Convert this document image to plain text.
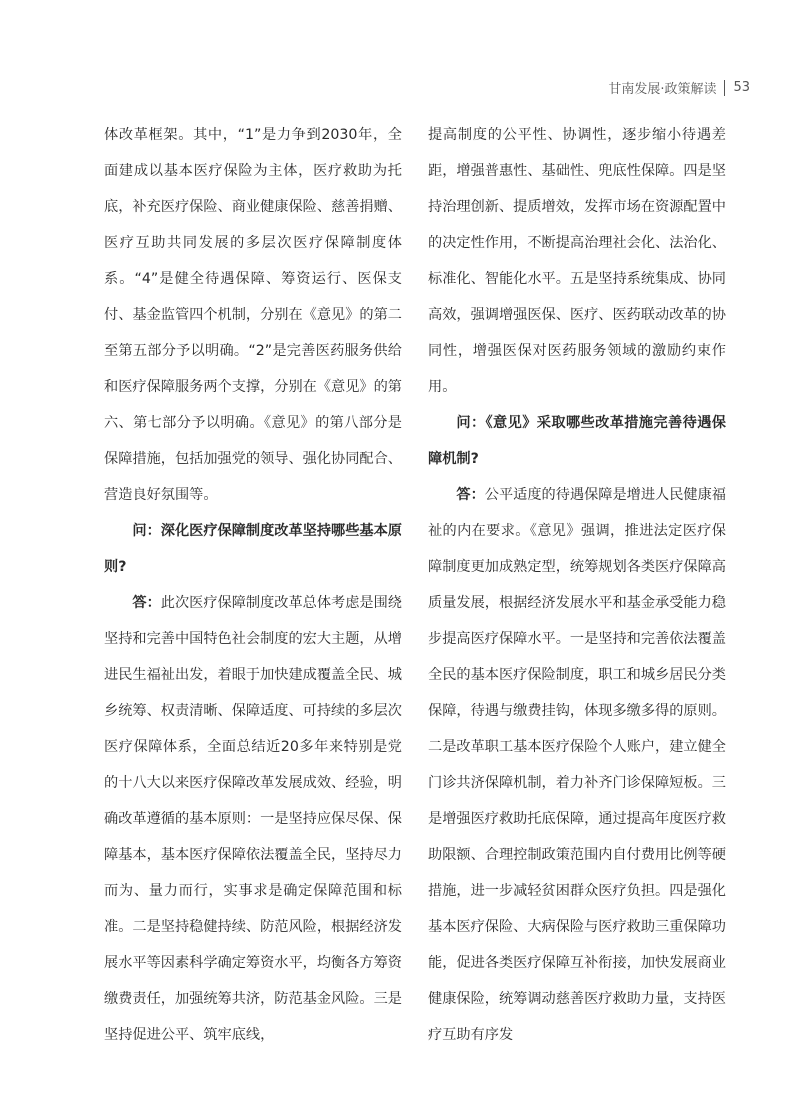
甘南发展·政策解读 53

体改革框架。其中，“1”是力争到2030年，全面建成以基本医疗保险为主体，医疗救助为托底，补充医疗保险、商业健康保险、慈善捐赠、医疗互助共同发展的多层次医疗保障制度体系。“4”是健全待遇保障、筹资运行、医保支付、基金监管四个机制，分别在《意见》的第二至第五部分予以明确。“2”是完善医药服务供给和医疗保障服务两个支撑，分别在《意见》的第六、第七部分予以明确。《意见》的第八部分是保障措施，包括加强党的领导、强化协同配合、营造良好氛围等。

问：深化医疗保障制度改革坚持哪些基本原则?

答：此次医疗保障制度改革总体考虑是围绕坚持和完善中国特色社会制度的宏大主题，从增进民生福祉出发，着眼于加快建成覆盖全民、城乡统筹、权责清晰、保障适度、可持续的多层次医疗保障体系，全面总结近20多年来特别是党的十八大以来医疗保障改革发展成效、经验，明确改革遵循的基本原则：一是坚持应保尽保、保障基本，基本医疗保障依法覆盖全民，坚持尽力而为、量力而行，实事求是确定保障范围和标准。二是坚持稳健持续、防范风险，根据经济发展水平等因素科学确定筹资水平，均衡各方筹资缴费责任，加强统筹共济，防范基金风险。三是坚持促进公平、筑牢底线，

提高制度的公平性、协调性，逐步缩小待遇差距，增强普惠性、基础性、兜底性保障。四是坚持治理创新、提质增效，发挥市场在资源配置中的决定性作用，不断提高治理社会化、法治化、标准化、智能化水平。五是坚持系统集成、协同高效，强调增强医保、医疗、医药联动改革的协同性，增强医保对医药服务领域的激励约束作用。

问：《意见》采取哪些改革措施完善待遇保障机制?

答：公平适度的待遇保障是增进人民健康福祉的内在要求。《意见》强调，推进法定医疗保障制度更加成熟定型，统筹规划各类医疗保障高质量发展，根据经济发展水平和基金承受能力稳步提高医疗保障水平。一是坚持和完善依法覆盖全民的基本医疗保险制度，职工和城乡居民分类保障，待遇与缴费挂钩，体现多缴多得的原则。二是改革职工基本医疗保险个人账户，建立健全门诊共济保障机制，着力补齐门诊保障短板。三是增强医疗救助托底保障，通过提高年度医疗救助限额、合理控制政策范围内自付费用比例等硬措施，进一步减轻贫困群众医疗负担。四是强化基本医疗保险、大病保险与医疗救助三重保障功能，促进各类医疗保障互补衔接，加快发展商业健康保险，统筹调动慈善医疗救助力量，支持医疗互助有序发
